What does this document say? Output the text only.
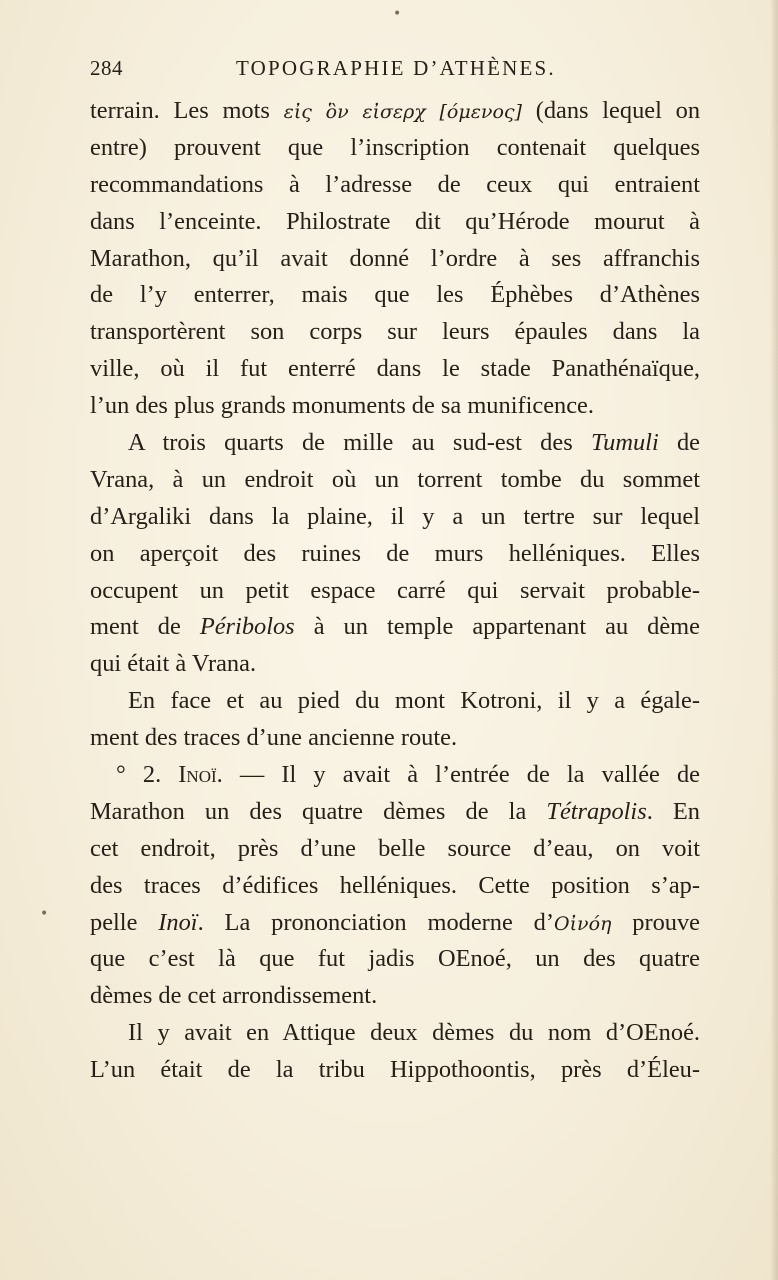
284	TOPOGRAPHIE D’ATHÈNES.
terrain. Les mots εἰς ὃν εἰσερχ [όμενος] (dans lequel on
entre) prouvent que l’inscription contenait quelques
recommandations à l’adresse de ceux qui entraient
dans l’enceinte. Philostrate dit qu’Hérode mourut à
Marathon, qu’il avait donné l’ordre à ses affranchis
de l’y enterrer, mais que les Éphèbes d’Athènes
transportèrent son corps sur leurs épaules dans la
ville, où il fut enterré dans le stade Panathénaïque,
l’un des plus grands monuments de sa munificence.
A trois quarts de mille au sud-est des Tumuli de
Vrana, à un endroit où un torrent tombe du sommet
d’Argaliki dans la plaine, il y a un tertre sur lequel
on aperçoit des ruines de murs helléniques. Elles
occupent un petit espace carré qui servait probable-
ment de Péribolos à un temple appartenant au dème
qui était à Vrana.
En face et au pied du mont Kotroni, il y a égale-
ment des traces d’une ancienne route.
° 2. Inoï. — Il y avait à l’entrée de la vallée de
Marathon un des quatre dèmes de la Tétrapolis. En
cet endroit, près d’une belle source d’eau, on voit
des traces d’édifices helléniques. Cette position s’ap-
pelle Inoï. La prononciation moderne d’Οἰνόη prouve
que c’est là que fut jadis OEnoé, un des quatre
dèmes de cet arrondissement.
Il y avait en Attique deux dèmes du nom d’OEnoé.
L’un était de la tribu Hippothoontis, près d’Éleu-
•
•
